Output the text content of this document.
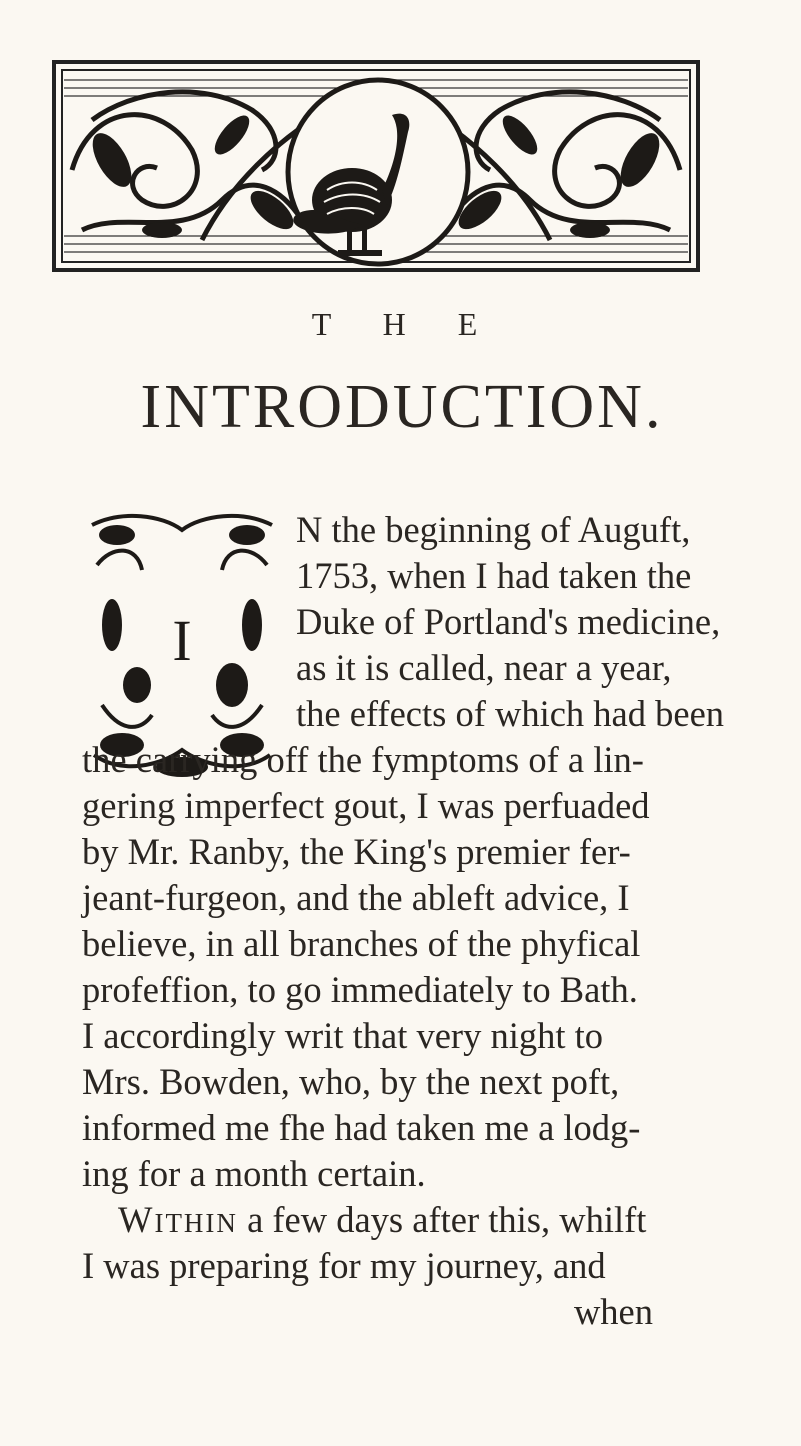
T H E
INTRODUCTION.
I
N the beginning of Auguft,
1753, when I had taken the
Duke of Portland's medicine,
as it is called, near a year,
the effects of which had been
the carrying off the fymptoms of a lin-
gering imperfect gout, I was perfuaded
by Mr. Ranby, the King's premier fer-
jeant-furgeon, and the ableft advice, I
believe, in all branches of the phyfical
profeffion, to go immediately to Bath.
I accordingly writ that very night to
Mrs. Bowden, who, by the next poft,
informed me fhe had taken me a lodg-
ing for a month certain.
WITHIN a few days after this, whilft
I was preparing for my journey, and
when
